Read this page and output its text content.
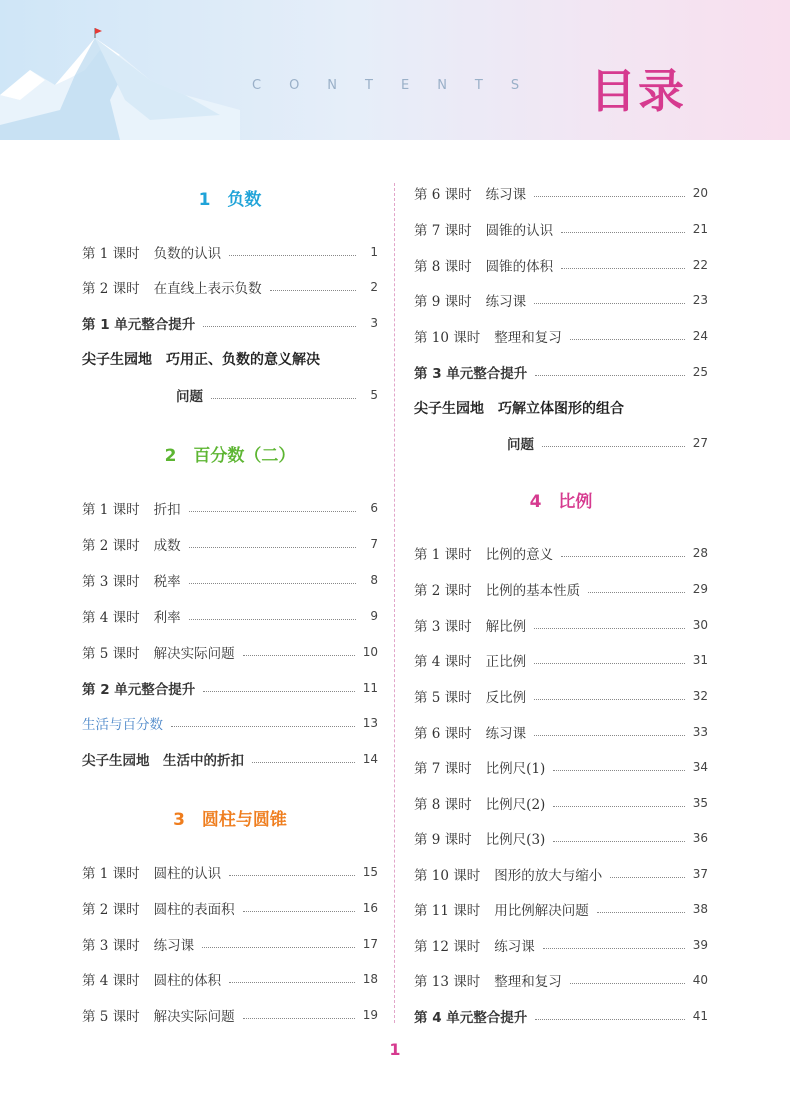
CONTENTS 目录
1　负数
第 1 课时 负数的认识	1
第 2 课时 在直线上表示负数	2
第 1 单元整合提升	3
尖子生园地　巧用正、负数的意义解决
问题	5
2　百分数（二）
第 1 课时 折扣	6
第 2 课时 成数	7
第 3 课时 税率	8
第 4 课时 利率	9
第 5 课时 解决实际问题	10
第 2 单元整合提升	11
生活与百分数	13
尖子生园地　生活中的折扣	14
3　圆柱与圆锥
第 1 课时 圆柱的认识	15
第 2 课时 圆柱的表面积	16
第 3 课时 练习课	17
第 4 课时 圆柱的体积	18
第 5 课时 解决实际问题	19
第 6 课时 练习课	20
第 7 课时 圆锥的认识	21
第 8 课时 圆锥的体积	22
第 9 课时 练习课	23
第 10 课时 整理和复习	24
第 3 单元整合提升	25
尖子生园地　巧解立体图形的组合
问题	27
4　比例
第 1 课时 比例的意义	28
第 2 课时 比例的基本性质	29
第 3 课时 解比例	30
第 4 课时 正比例	31
第 5 课时 反比例	32
第 6 课时 练习课	33
第 7 课时 比例尺(1)	34
第 8 课时 比例尺(2)	35
第 9 课时 比例尺(3)	36
第 10 课时 图形的放大与缩小	37
第 11 课时 用比例解决问题	38
第 12 课时 练习课	39
第 13 课时 整理和复习	40
第 4 单元整合提升	41
1
